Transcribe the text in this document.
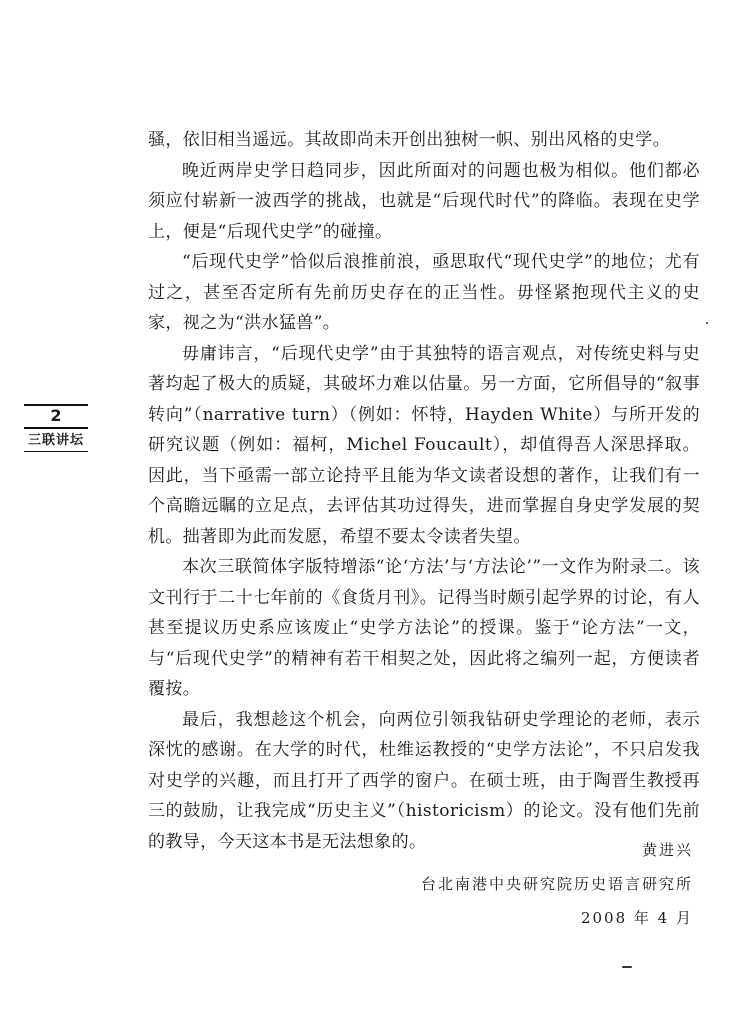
2
三联讲坛

骚，依旧相当遥远。其故即尚未开创出独树一帜、别出风格的史学。

晚近两岸史学日趋同步，因此所面对的问题也极为相似。他们都必须应付崭新一波西学的挑战，也就是“后现代时代”的降临。表现在史学上，便是“后现代史学”的碰撞。

“后现代史学”恰似后浪推前浪，亟思取代“现代史学”的地位；尤有过之，甚至否定所有先前历史存在的正当性。毋怪紧抱现代主义的史家，视之为“洪水猛兽”。

毋庸讳言，“后现代史学”由于其独特的语言观点，对传统史料与史著均起了极大的质疑，其破坏力难以估量。另一方面，它所倡导的“叙事转向”（narrative turn）（例如：怀特，Hayden White）与所开发的研究议题（例如：福柯，Michel Foucault），却值得吾人深思择取。因此，当下亟需一部立论持平且能为华文读者设想的著作，让我们有一个高瞻远瞩的立足点，去评估其功过得失，进而掌握自身史学发展的契机。拙著即为此而发愿，希望不要太令读者失望。

本次三联简体字版特增添“论‘方法’与‘方法论’”一文作为附录二。该文刊行于二十七年前的《食货月刊》。记得当时颇引起学界的讨论，有人甚至提议历史系应该废止“史学方法论”的授课。鉴于“论方法”一文，与“后现代史学”的精神有若干相契之处，因此将之编列一起，方便读者覆按。

最后，我想趁这个机会，向两位引领我钻研史学理论的老师，表示深忱的感谢。在大学的时代，杜维运教授的“史学方法论”，不只启发我对史学的兴趣，而且打开了西学的窗户。在硕士班，由于陶晋生教授再三的鼓励，让我完成“历史主义”（historicism）的论文。没有他们先前的教导，今天这本书是无法想象的。	黄进兴
台北南港中央研究院历史语言研究所
2008 年 4 月
